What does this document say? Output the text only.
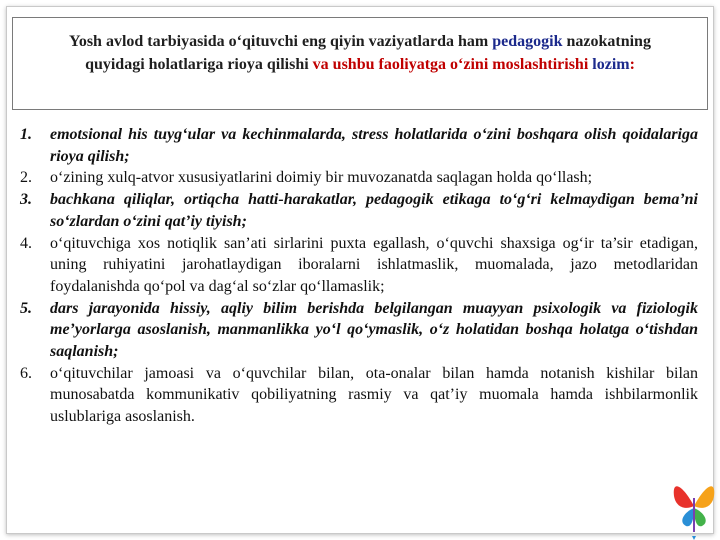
Yosh avlod tarbiyasida o‘qituvchi eng qiyin vaziyatlarda ham pedagogik nazokatning quyidagi holatlariga rioya qilishi va ushbu faoliyatga o‘zini moslashtirishi lozim:
1. emotsional his tuyg‘ular va kechinmalarda, stress holatlarida o‘zini boshqara olish qoidalariga rioya qilish;
2. o‘zining xulq-atvor xususiyatlarini doimiy bir muvozanatda saqlagan holda qo‘llash;
3. bachkana qiliqlar, ortiqcha hatti-harakatlar, pedagogik etikaga to‘g‘ri kelmaydigan bema’ni so‘zlardan o‘zini qat’iy tiyish;
4. o‘qituvchiga xos notiqlik san’ati sirlarini puxta egallash, o‘quvchi shaxsiga og‘ir ta’sir etadigan, uning ruhiyatini jarohatlaydigan iboralarni ishlatmaslik, muomalada, jazo metodlaridan foydalanishda qo‘pol va dag‘al so‘zlar qo‘llamaslik;
5. dars jarayonida hissiy, aqliy bilim berishda belgilangan muayyan psixologik va fiziologik me’yorlarga asoslanish, manmanlikka yo‘l qo‘ymaslik, o‘z holatidan boshqa holatga o‘tishdan saqlanish;
6. o‘qituvchilar jamoasi va o‘quvchilar bilan, ota-onalar bilan hamda notanish kishilar bilan munosabatda kommunikativ qobiliyatning rasmiy va qat’iy muomala hamda ishbilarmonlik uslublariga asoslanish.
